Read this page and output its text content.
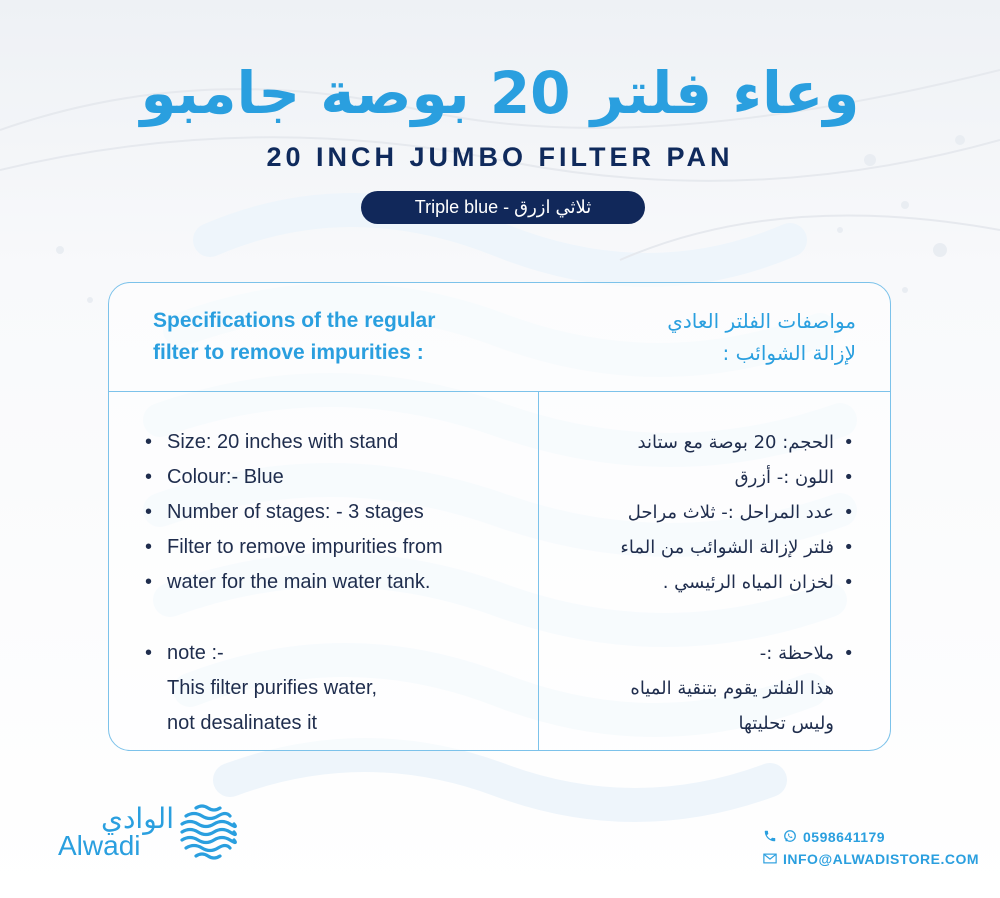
وعاء فلتر 20 بوصة جامبو
20 INCH JUMBO FILTER PAN
Triple blue - ثلاثي ازرق
Specifications of the regular
filter to remove impurities :
مواصفات الفلتر العادي
لإزالة الشوائب :
• Size: 20 inches with stand
• Colour:- Blue
• Number of stages: - 3 stages
• Filter to remove impurities from
• water for the main water tank.
• note :-
This filter purifies water,
not desalinates it
•
الحجم: 20 بوصة مع ستاند
•
اللون :- أزرق
•
عدد المراحل :- ثلاث مراحل
•
فلتر لإزالة الشوائب من الماء
•
لخزان المياه الرئيسي .
•
ملاحظة :-
هذا الفلتر يقوم بتنقية المياه
وليس تحليتها
الوادي
Alwadi	0598641179
INFO@ALWADISTORE.COM
